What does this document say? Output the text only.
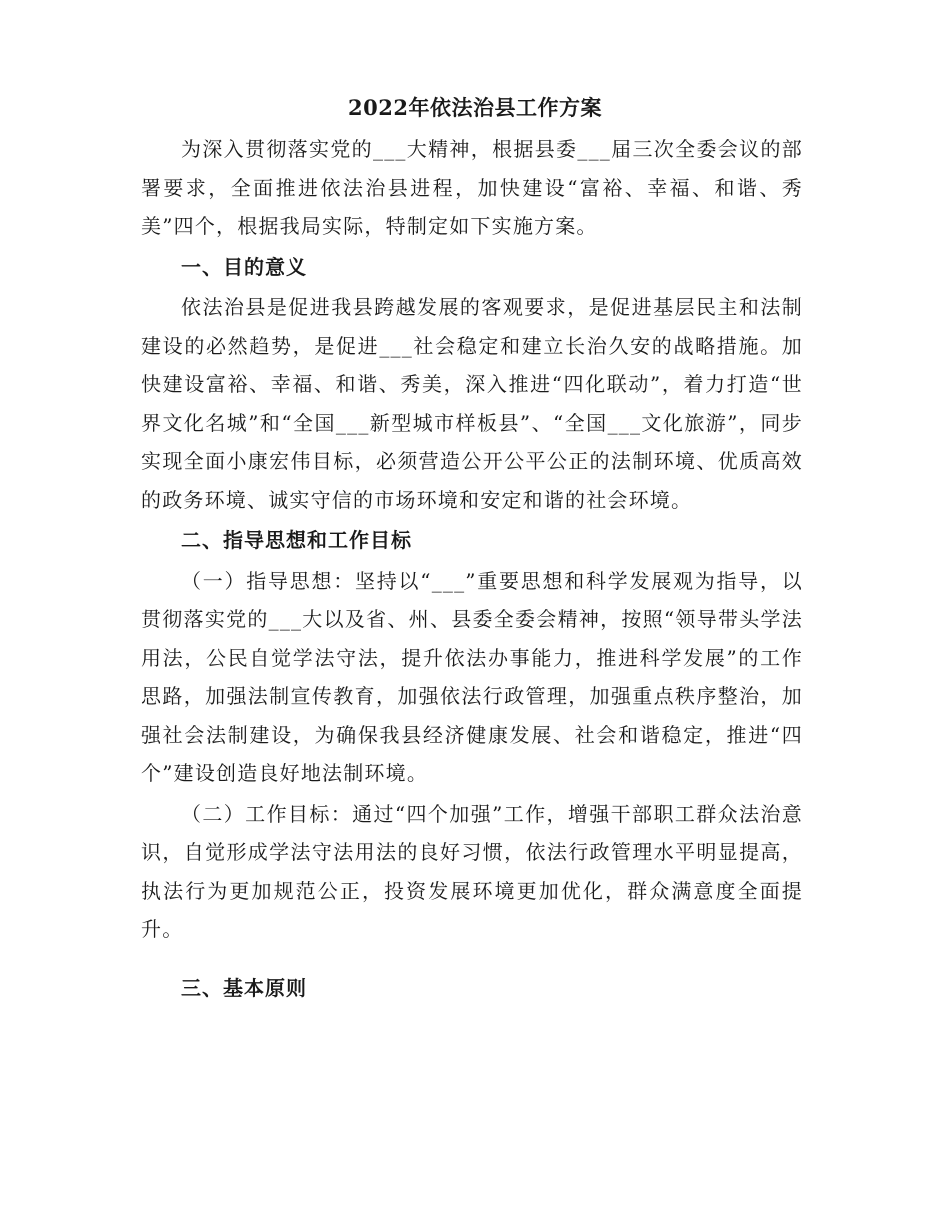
2022年依法治县工作方案

为深入贯彻落实党的___大精神，根据县委___届三次全委会议的部署要求，全面推进依法治县进程，加快建设“富裕、幸福、和谐、秀美”四个，根据我局实际，特制定如下实施方案。

一、目的意义

依法治县是促进我县跨越发展的客观要求，是促进基层民主和法制建设的必然趋势，是促进___社会稳定和建立长治久安的战略措施。加快建设富裕、幸福、和谐、秀美，深入推进“四化联动”，着力打造“世界文化名城”和“全国___新型城市样板县”、“全国___文化旅游”，同步实现全面小康宏伟目标，必须营造公开公平公正的法制环境、优质高效的政务环境、诚实守信的市场环境和安定和谐的社会环境。

二、指导思想和工作目标

（一）指导思想：坚持以“___”重要思想和科学发展观为指导，以贯彻落实党的___大以及省、州、县委全委会精神，按照“领导带头学法用法，公民自觉学法守法，提升依法办事能力，推进科学发展”的工作思路，加强法制宣传教育，加强依法行政管理，加强重点秩序整治，加强社会法制建设，为确保我县经济健康发展、社会和谐稳定，推进“四个”建设创造良好地法制环境。

（二）工作目标：通过“四个加强”工作，增强干部职工群众法治意识，自觉形成学法守法用法的良好习惯，依法行政管理水平明显提高，执法行为更加规范公正，投资发展环境更加优化，群众满意度全面提升。

三、基本原则
